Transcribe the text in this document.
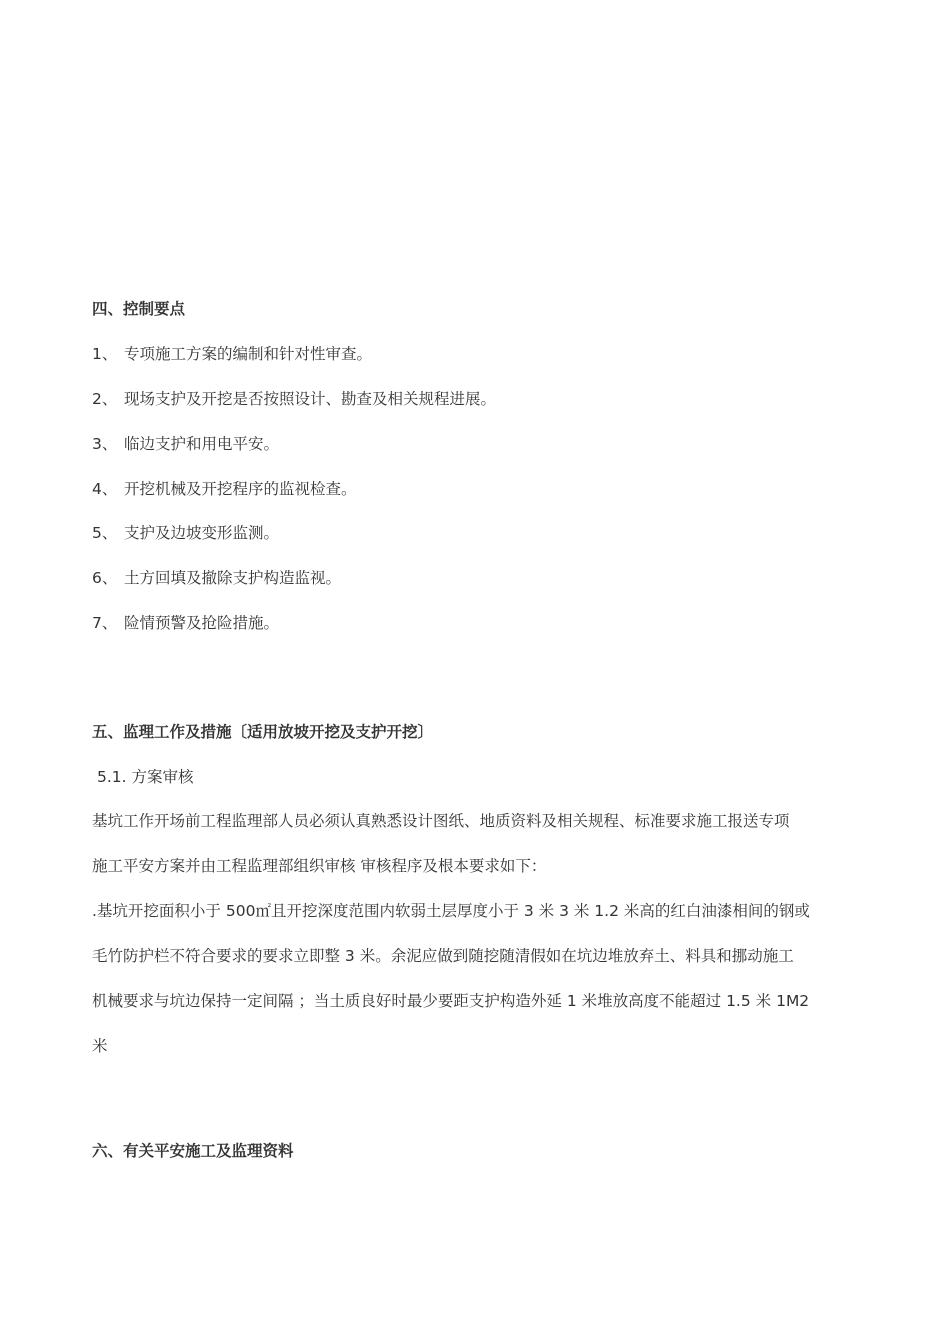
四、控制要点

1、 专项施工方案的编制和针对性审查。

2、 现场支护及开挖是否按照设计、勘查及相关规程进展。

3、 临边支护和用电平安。

4、 开挖机械及开挖程序的监视检查。

5、 支护及边坡变形监测。

6、 土方回填及撤除支护构造监视。

7、 险情预警及抢险措施。

五、监理工作及措施〔适用放坡开挖及支护开挖〕

5.1. 方案审核

基坑工作开场前工程监理部人员必须认真熟悉设计图纸、地质资料及相关规程、标准要求施工报送专项

施工平安方案并由工程监理部组织审核 审核程序及根本要求如下：

.基坑开挖面积小于 500㎡且开挖深度范围内软弱土层厚度小于 3 米 3 米 1.2 米高的红白油漆相间的钢或

毛竹防护栏不符合要求的要求立即整 3 米。余泥应做到随挖随清假如在坑边堆放弃土、料具和挪动施工

机械要求与坑边保持一定间隔 ；当土质良好时最少要距支护构造外延 1 米堆放高度不能超过 1.5 米 1M2

米

六、有关平安施工及监理资料
